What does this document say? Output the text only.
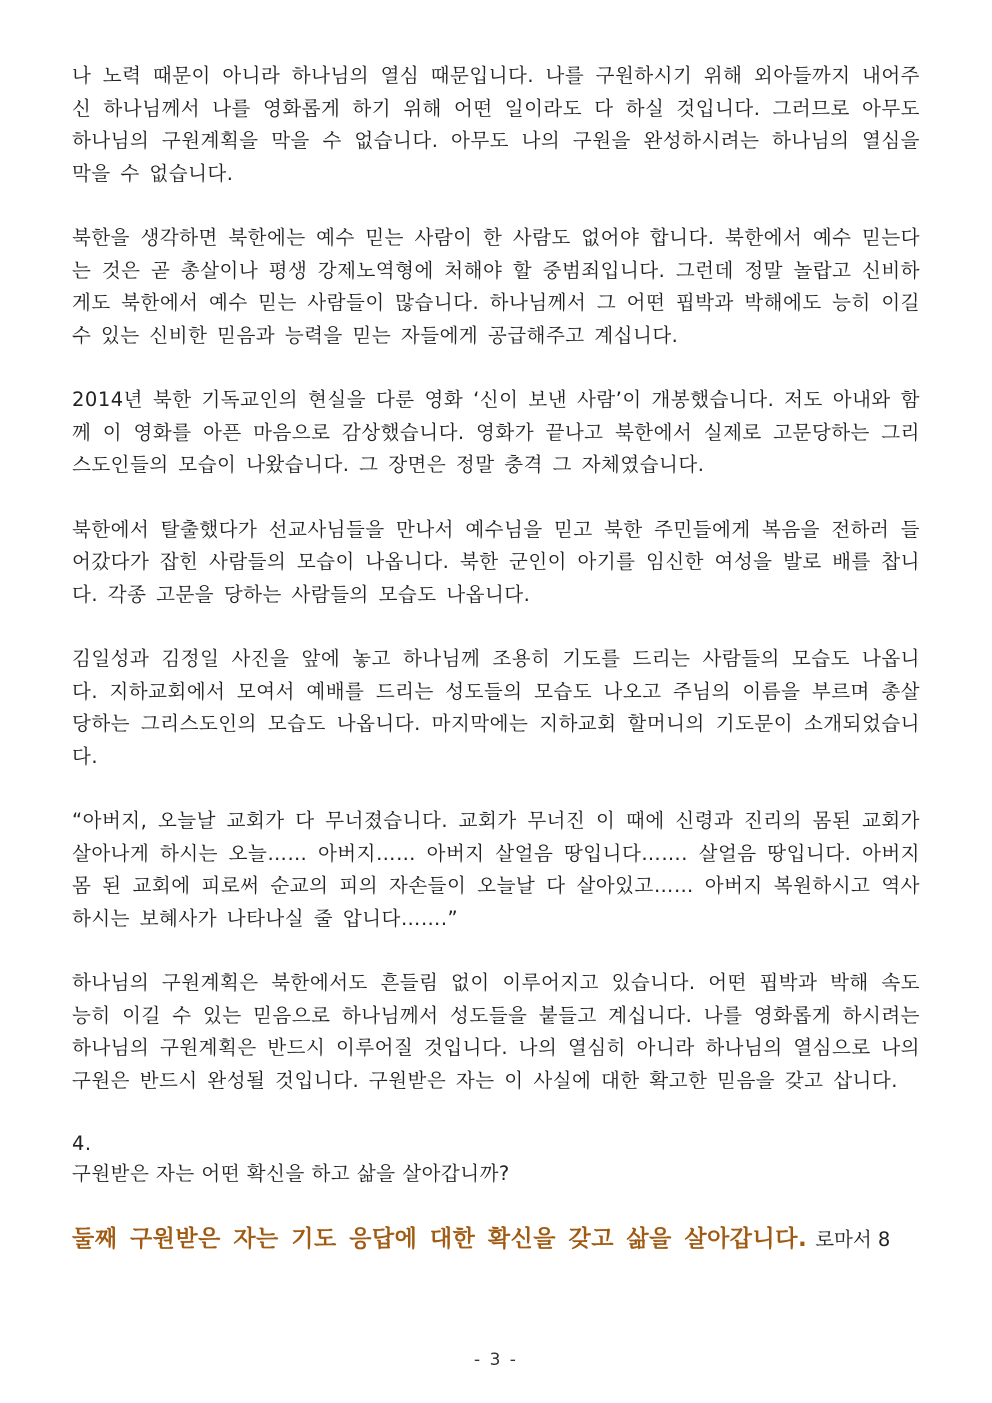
나 노력 때문이 아니라 하나님의 열심 때문입니다. 나를 구원하시기 위해 외아들까지 내어주신 하나님께서 나를 영화롭게 하기 위해 어떤 일이라도 다 하실 것입니다. 그러므로 아무도 하나님의 구원계획을 막을 수 없습니다. 아무도 나의 구원을 완성하시려는 하나님의 열심을 막을 수 없습니다.

북한을 생각하면 북한에는 예수 믿는 사람이 한 사람도 없어야 합니다. 북한에서 예수 믿는다는 것은 곧 총살이나 평생 강제노역형에 처해야 할 중범죄입니다. 그런데 정말 놀랍고 신비하게도 북한에서 예수 믿는 사람들이 많습니다. 하나님께서 그 어떤 핍박과 박해에도 능히 이길 수 있는 신비한 믿음과 능력을 믿는 자들에게 공급해주고 계십니다.

2014년 북한 기독교인의 현실을 다룬 영화 ‘신이 보낸 사람’이 개봉했습니다. 저도 아내와 함께 이 영화를 아픈 마음으로 감상했습니다. 영화가 끝나고 북한에서 실제로 고문당하는 그리스도인들의 모습이 나왔습니다. 그 장면은 정말 충격 그 자체였습니다.

북한에서 탈출했다가 선교사님들을 만나서 예수님을 믿고 북한 주민들에게 복음을 전하러 들어갔다가 잡힌 사람들의 모습이 나옵니다. 북한 군인이 아기를 임신한 여성을 발로 배를 찹니다. 각종 고문을 당하는 사람들의 모습도 나옵니다.

김일성과 김정일 사진을 앞에 놓고 하나님께 조용히 기도를 드리는 사람들의 모습도 나옵니다. 지하교회에서 모여서 예배를 드리는 성도들의 모습도 나오고 주님의 이름을 부르며 총살당하는 그리스도인의 모습도 나옵니다. 마지막에는 지하교회 할머니의 기도문이 소개되었습니다.

“아버지, 오늘날 교회가 다 무너졌습니다. 교회가 무너진 이 때에 신령과 진리의 몸된 교회가 살아나게 하시는 오늘…… 아버지…… 아버지 살얼음 땅입니다……. 살얼음 땅입니다. 아버지 몸 된 교회에 피로써 순교의 피의 자손들이 오늘날 다 살아있고…… 아버지 복원하시고 역사하시는 보혜사가 나타나실 줄 압니다…….”

하나님의 구원계획은 북한에서도 흔들림 없이 이루어지고 있습니다. 어떤 핍박과 박해 속도 능히 이길 수 있는 믿음으로 하나님께서 성도들을 붙들고 계십니다. 나를 영화롭게 하시려는 하나님의 구원계획은 반드시 이루어질 것입니다. 나의 열심히 아니라 하나님의 열심으로 나의 구원은 반드시 완성될 것입니다. 구원받은 자는 이 사실에 대한 확고한 믿음을 갖고 삽니다.

4.

구원받은 자는 어떤 확신을 하고 삶을 살아갑니까?

둘째 구원받은 자는 기도 응답에 대한 확신을 갖고 삶을 살아갑니다. 로마서 8

- 3 -
